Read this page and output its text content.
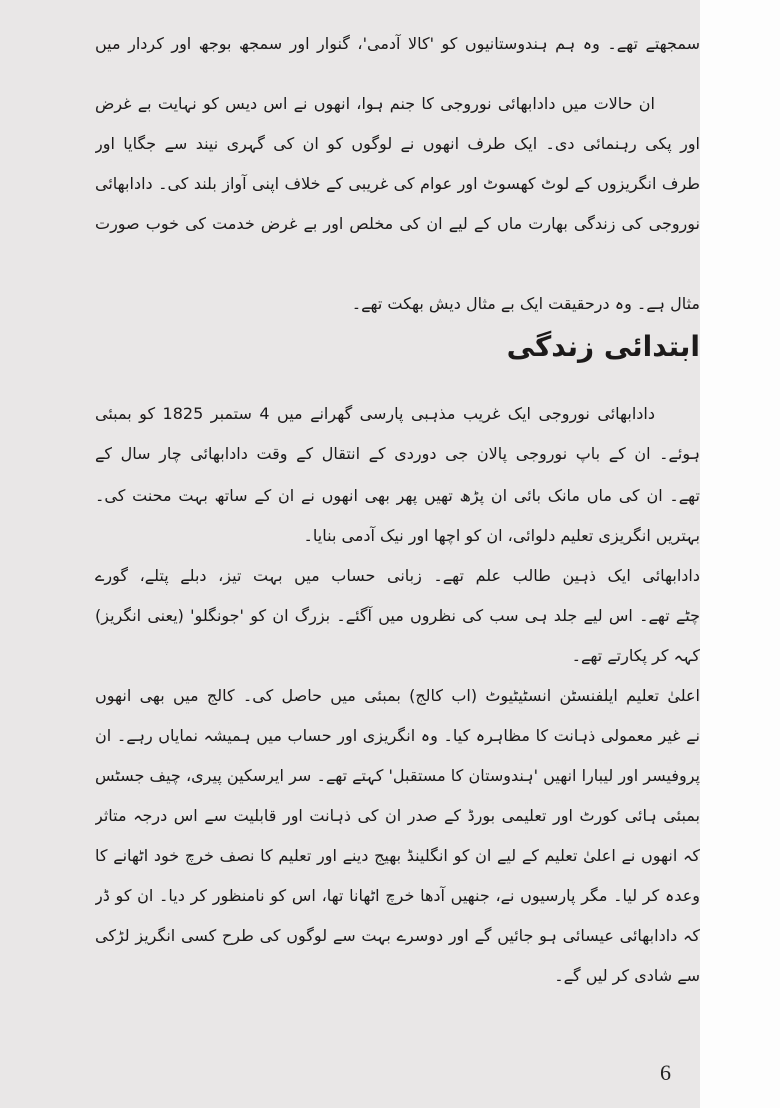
سمجھتے تھے۔ وہ ہم ہندوستانیوں کو 'کالا آدمی'، گنوار اور سمجھ بوجھ اور کردار میں
ان حالات میں دادابھائی نوروجی کا جنم ہوا، انھوں نے اس دیس کو نہایت بے غرض
اور پکی رہنمائی دی۔ ایک طرف انھوں نے لوگوں کو ان کی گہری نیند سے جگایا اور
طرف انگریزوں کے لوٹ کھسوٹ اور عوام کی غریبی کے خلاف اپنی آواز بلند کی۔ دادابھائی
نوروجی کی زندگی بھارت ماں کے لیے ان کی مخلص اور بے غرض خدمت کی خوب صورت
مثال ہے۔ وہ درحقیقت ایک بے مثال دیش بھکت تھے۔
ابتدائی زندگی
دادابھائی نوروجی ایک غریب مذہبی پارسی گھرانے میں 4 ستمبر 1825 کو بمبئی
ہوئے۔ ان کے باپ نوروجی پالان جی دوردی کے انتقال کے وقت دادابھائی چار سال کے
تھے۔ ان کی ماں مانک بائی ان پڑھ تھیں پھر بھی انھوں نے ان کے ساتھ بہت محنت کی۔
بہتریں انگریزی تعلیم دلوائی، ان کو اچھا اور نیک آدمی بنایا۔
دادابھائی ایک ذہین طالب علم تھے۔ زبانی حساب میں بہت تیز، دبلے پتلے، گورے
چٹے تھے۔ اس لیے جلد ہی سب کی نظروں میں آگئے۔ بزرگ ان کو 'جونگلو' (یعنی انگریز)
کہہ کر پکارتے تھے۔
اعلیٰ تعلیم ایلفنسٹن انسٹیٹیوٹ (اب کالج) بمبئی میں حاصل کی۔ کالج میں بھی انھوں
نے غیر معمولی ذہانت کا مظاہرہ کیا۔ وہ انگریزی اور حساب میں ہمیشہ نمایاں رہے۔ ان
پروفیسر اور لیبارا انھیں 'ہندوستان کا مستقبل' کہتے تھے۔ سر ایرسکین پیری، چیف جسٹس
بمبئی ہائی کورٹ اور تعلیمی بورڈ کے صدر ان کی ذہانت اور قابلیت سے اس درجہ متاثر
کہ انھوں نے اعلیٰ تعلیم کے لیے ان کو انگلینڈ بھیج دینے اور تعلیم کا نصف خرچ خود اٹھانے کا
وعدہ کر لیا۔ مگر پارسیوں نے، جنھیں آدھا خرچ اٹھانا تھا، اس کو نامنظور کر دیا۔ ان کو ڈر
کہ دادابھائی عیسائی ہو جائیں گے اور دوسرے بہت سے لوگوں کی طرح کسی انگریز لڑکی
سے شادی کر لیں گے۔
6
